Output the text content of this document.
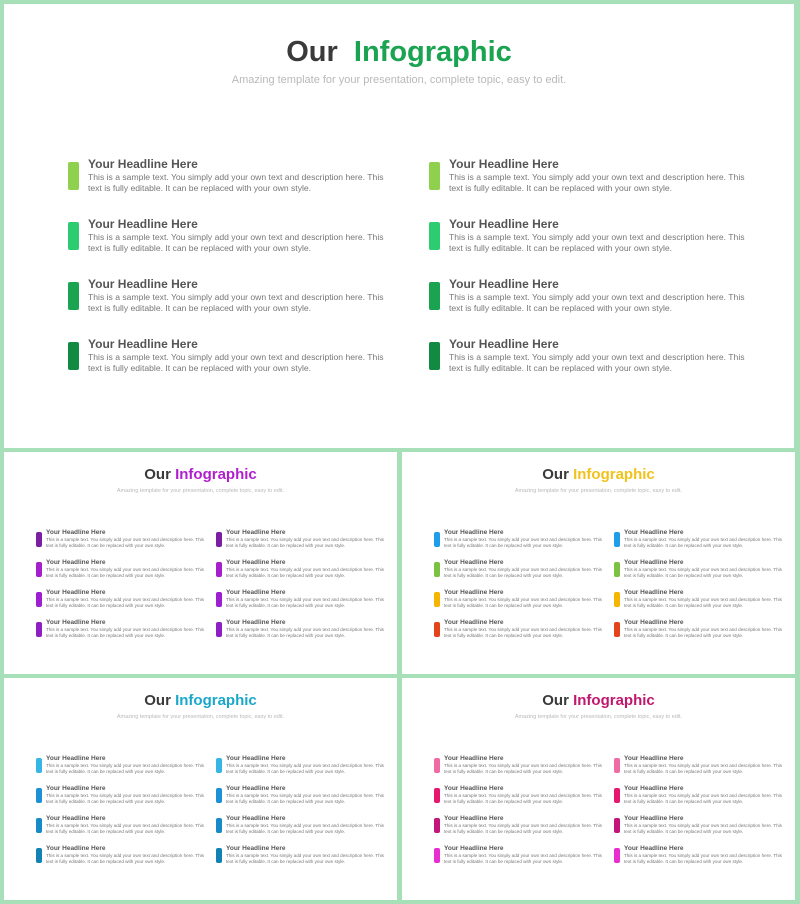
Our Infographic
Amazing template for your presentation, complete topic, easy to edit.
Your Headline Here
This is a sample text. You simply add your own text and description here. This
text is fully editable. It can be replaced with your own style.
Your Headline Here
This is a sample text. You simply add your own text and description here. This
text is fully editable. It can be replaced with your own style.
Your Headline Here
This is a sample text. You simply add your own text and description here. This
text is fully editable. It can be replaced with your own style.
Your Headline Here
This is a sample text. You simply add your own text and description here. This
text is fully editable. It can be replaced with your own style.
Your Headline Here
This is a sample text. You simply add your own text and description here. This
text is fully editable. It can be replaced with your own style.
Your Headline Here
This is a sample text. You simply add your own text and description here. This
text is fully editable. It can be replaced with your own style.
Your Headline Here
This is a sample text. You simply add your own text and description here. This
text is fully editable. It can be replaced with your own style.
Your Headline Here
This is a sample text. You simply add your own text and description here. This
text is fully editable. It can be replaced with your own style.
Our Infographic
Amazing template for your presentation, complete topic, easy to edit.
Your Headline Here
This is a sample text. You simply add your own text and description here. This
text is fully editable. It can be replaced with your own style.
Your Headline Here
This is a sample text. You simply add your own text and description here. This
text is fully editable. It can be replaced with your own style.
Your Headline Here
This is a sample text. You simply add your own text and description here. This
text is fully editable. It can be replaced with your own style.
Your Headline Here
This is a sample text. You simply add your own text and description here. This
text is fully editable. It can be replaced with your own style.
Your Headline Here
This is a sample text. You simply add your own text and description here. This
text is fully editable. It can be replaced with your own style.
Your Headline Here
This is a sample text. You simply add your own text and description here. This
text is fully editable. It can be replaced with your own style.
Your Headline Here
This is a sample text. You simply add your own text and description here. This
text is fully editable. It can be replaced with your own style.
Your Headline Here
This is a sample text. You simply add your own text and description here. This
text is fully editable. It can be replaced with your own style.
Our Infographic
Amazing template for your presentation, complete topic, easy to edit.
Your Headline Here
This is a sample text. You simply add your own text and description here. This
text is fully editable. It can be replaced with your own style.
Your Headline Here
This is a sample text. You simply add your own text and description here. This
text is fully editable. It can be replaced with your own style.
Your Headline Here
This is a sample text. You simply add your own text and description here. This
text is fully editable. It can be replaced with your own style.
Your Headline Here
This is a sample text. You simply add your own text and description here. This
text is fully editable. It can be replaced with your own style.
Your Headline Here
This is a sample text. You simply add your own text and description here. This
text is fully editable. It can be replaced with your own style.
Your Headline Here
This is a sample text. You simply add your own text and description here. This
text is fully editable. It can be replaced with your own style.
Your Headline Here
This is a sample text. You simply add your own text and description here. This
text is fully editable. It can be replaced with your own style.
Your Headline Here
This is a sample text. You simply add your own text and description here. This
text is fully editable. It can be replaced with your own style.
Our Infographic
Amazing template for your presentation, complete topic, easy to edit.
Your Headline Here
This is a sample text. You simply add your own text and description here. This
text is fully editable. It can be replaced with your own style.
Your Headline Here
This is a sample text. You simply add your own text and description here. This
text is fully editable. It can be replaced with your own style.
Your Headline Here
This is a sample text. You simply add your own text and description here. This
text is fully editable. It can be replaced with your own style.
Your Headline Here
This is a sample text. You simply add your own text and description here. This
text is fully editable. It can be replaced with your own style.
Your Headline Here
This is a sample text. You simply add your own text and description here. This
text is fully editable. It can be replaced with your own style.
Your Headline Here
This is a sample text. You simply add your own text and description here. This
text is fully editable. It can be replaced with your own style.
Your Headline Here
This is a sample text. You simply add your own text and description here. This
text is fully editable. It can be replaced with your own style.
Your Headline Here
This is a sample text. You simply add your own text and description here. This
text is fully editable. It can be replaced with your own style.
Our Infographic
Amazing template for your presentation, complete topic, easy to edit.
Your Headline Here
This is a sample text. You simply add your own text and description here. This
text is fully editable. It can be replaced with your own style.
Your Headline Here
This is a sample text. You simply add your own text and description here. This
text is fully editable. It can be replaced with your own style.
Your Headline Here
This is a sample text. You simply add your own text and description here. This
text is fully editable. It can be replaced with your own style.
Your Headline Here
This is a sample text. You simply add your own text and description here. This
text is fully editable. It can be replaced with your own style.
Your Headline Here
This is a sample text. You simply add your own text and description here. This
text is fully editable. It can be replaced with your own style.
Your Headline Here
This is a sample text. You simply add your own text and description here. This
text is fully editable. It can be replaced with your own style.
Your Headline Here
This is a sample text. You simply add your own text and description here. This
text is fully editable. It can be replaced with your own style.
Your Headline Here
This is a sample text. You simply add your own text and description here. This
text is fully editable. It can be replaced with your own style.
